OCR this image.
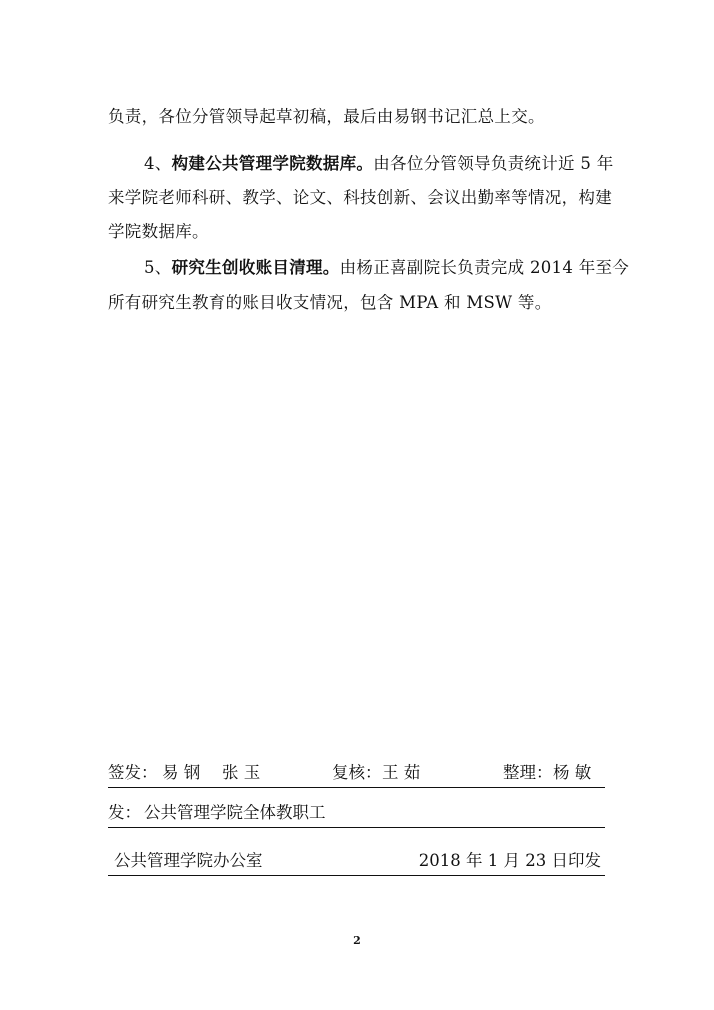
负责，各位分管领导起草初稿，最后由易钢书记汇总上交。
4、构建公共管理学院数据库。由各位分管领导负责统计近 5 年
来学院老师科研、教学、论文、科技创新、会议出勤率等情况，构建
学院数据库。
5、研究生创收账目清理。由杨正喜副院长负责完成 2014 年至今
所有研究生教育的账目收支情况，包含 MPA 和 MSW 等。
签发： 易 钢　 张 玉	复核： 王 茹	整理： 杨 敏
发： 公共管理学院全体教职工
公共管理学院办公室	2018 年 1 月 23 日印发
2
